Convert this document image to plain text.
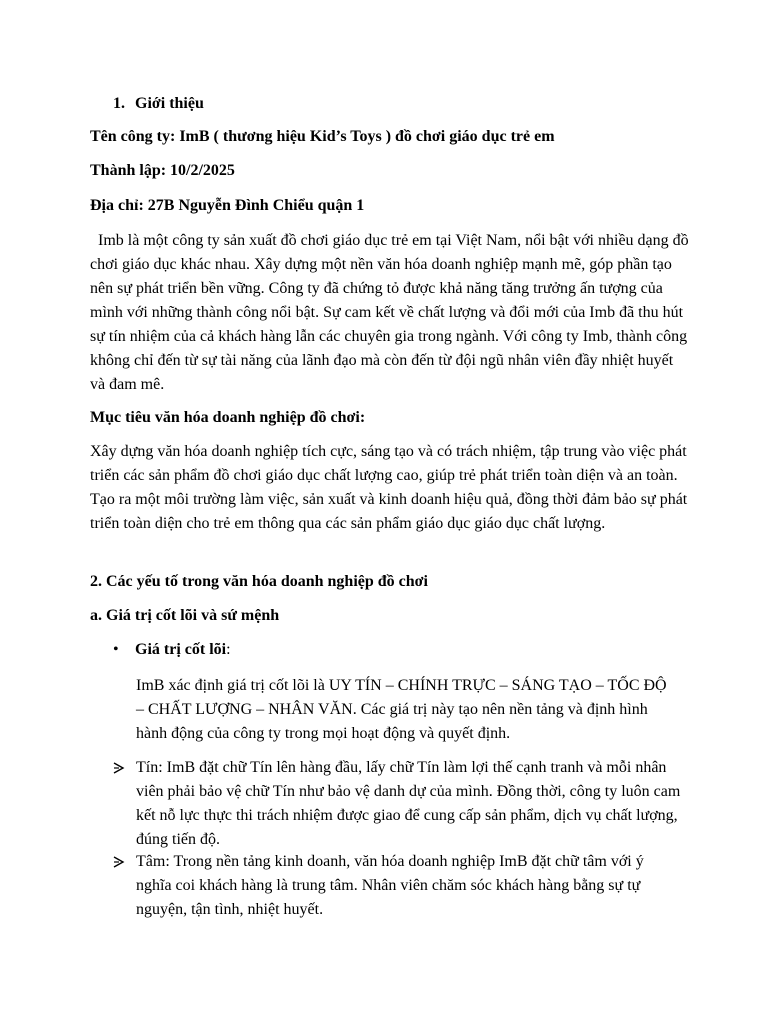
1. Giới thiệu

Tên công ty: ImB ( thương hiệu Kid’s Toys ) đồ chơi giáo dục trẻ em

Thành lập: 10/2/2025

Địa chỉ: 27B Nguyễn Đình Chiểu quận 1

Imb là một công ty sản xuất đồ chơi giáo dục trẻ em tại Việt Nam, nổi bật với nhiều dạng đồ chơi giáo dục khác nhau. Xây dựng một nền văn hóa doanh nghiệp mạnh mẽ, góp phần tạo nên sự phát triển bền vững. Công ty đã chứng tỏ được khả năng tăng trưởng ấn tượng của mình với những thành công nổi bật. Sự cam kết về chất lượng và đổi mới của Imb đã thu hút sự tín nhiệm của cả khách hàng lẫn các chuyên gia trong ngành. Với công ty Imb, thành công không chỉ đến từ sự tài năng của lãnh đạo mà còn đến từ đội ngũ nhân viên đầy nhiệt huyết và đam mê.

Mục tiêu văn hóa doanh nghiệp đồ chơi:

Xây dựng văn hóa doanh nghiệp tích cực, sáng tạo và có trách nhiệm, tập trung vào việc phát triển các sản phẩm đồ chơi giáo dục chất lượng cao, giúp trẻ phát triển toàn diện và an toàn. Tạo ra một môi trường làm việc, sản xuất và kinh doanh hiệu quả, đồng thời đảm bảo sự phát triển toàn diện cho trẻ em thông qua các sản phẩm giáo dục giáo dục chất lượng.

2. Các yếu tố trong văn hóa doanh nghiệp đồ chơi

a. Giá trị cốt lõi và sứ mệnh

• Giá trị cốt lõi:

ImB xác định giá trị cốt lõi là UY TÍN – CHÍNH TRỰC – SÁNG TẠO – TỐC ĐỘ – CHẤT LƯỢNG – NHÂN VĂN. Các giá trị này tạo nên nền tảng và định hình hành động của công ty trong mọi hoạt động và quyết định.

Tín: ImB đặt chữ Tín lên hàng đầu, lấy chữ Tín làm lợi thế cạnh tranh và mỗi nhân viên phải bảo vệ chữ Tín như bảo vệ danh dự của mình. Đồng thời, công ty luôn cam kết nỗ lực thực thi trách nhiệm được giao để cung cấp sản phẩm, dịch vụ chất lượng, đúng tiến độ.
Tâm: Trong nền tảng kinh doanh, văn hóa doanh nghiệp ImB đặt chữ tâm với ý nghĩa coi khách hàng là trung tâm. Nhân viên chăm sóc khách hàng bằng sự tự nguyện, tận tình, nhiệt huyết.
